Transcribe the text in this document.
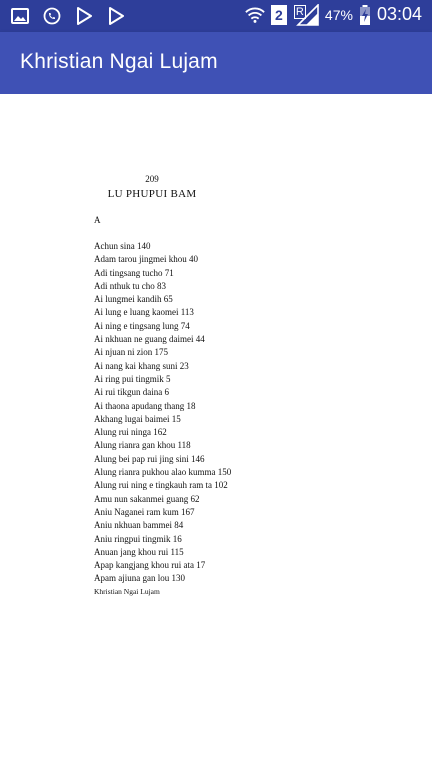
2	R 47% 03:04
Khristian Ngai Lujam
209
LU PHUPUI BAM
A
Achun sina 140
Adam tarou jingmei khou 40
Adi tingsang tucho 71
Adi nthuk tu cho 83
Ai lungmei kandih 65
Ai lung e luang kaomei 113
Ai ning e tingsang lung 74
Ai nkhuan ne guang daimei 44
Ai njuan ni zion 175
Ai nang kai khang suni 23
Ai ring pui tingmik 5
Ai rui tikgun daina 6
Ai thaona apudang thang 18
Akhang lugai baimei 15
Alung rui ninga 162
Alung rianra gan khou 118
Alung bei pap rui jing sini 146
Alung rianra pukhou alao kumma 150
Alung rui ning e tingkauh ram ta 102
Amu nun sakanmei guang 62
Aniu Naganei ram kum 167
Aniu nkhuan bammei 84
Aniu ringpui tingmik 16
Anuan jang khou rui 115
Apap kangjang khou rui ata 17
Apam ajiuna gan lou 130
Khristian Ngai Lujam
